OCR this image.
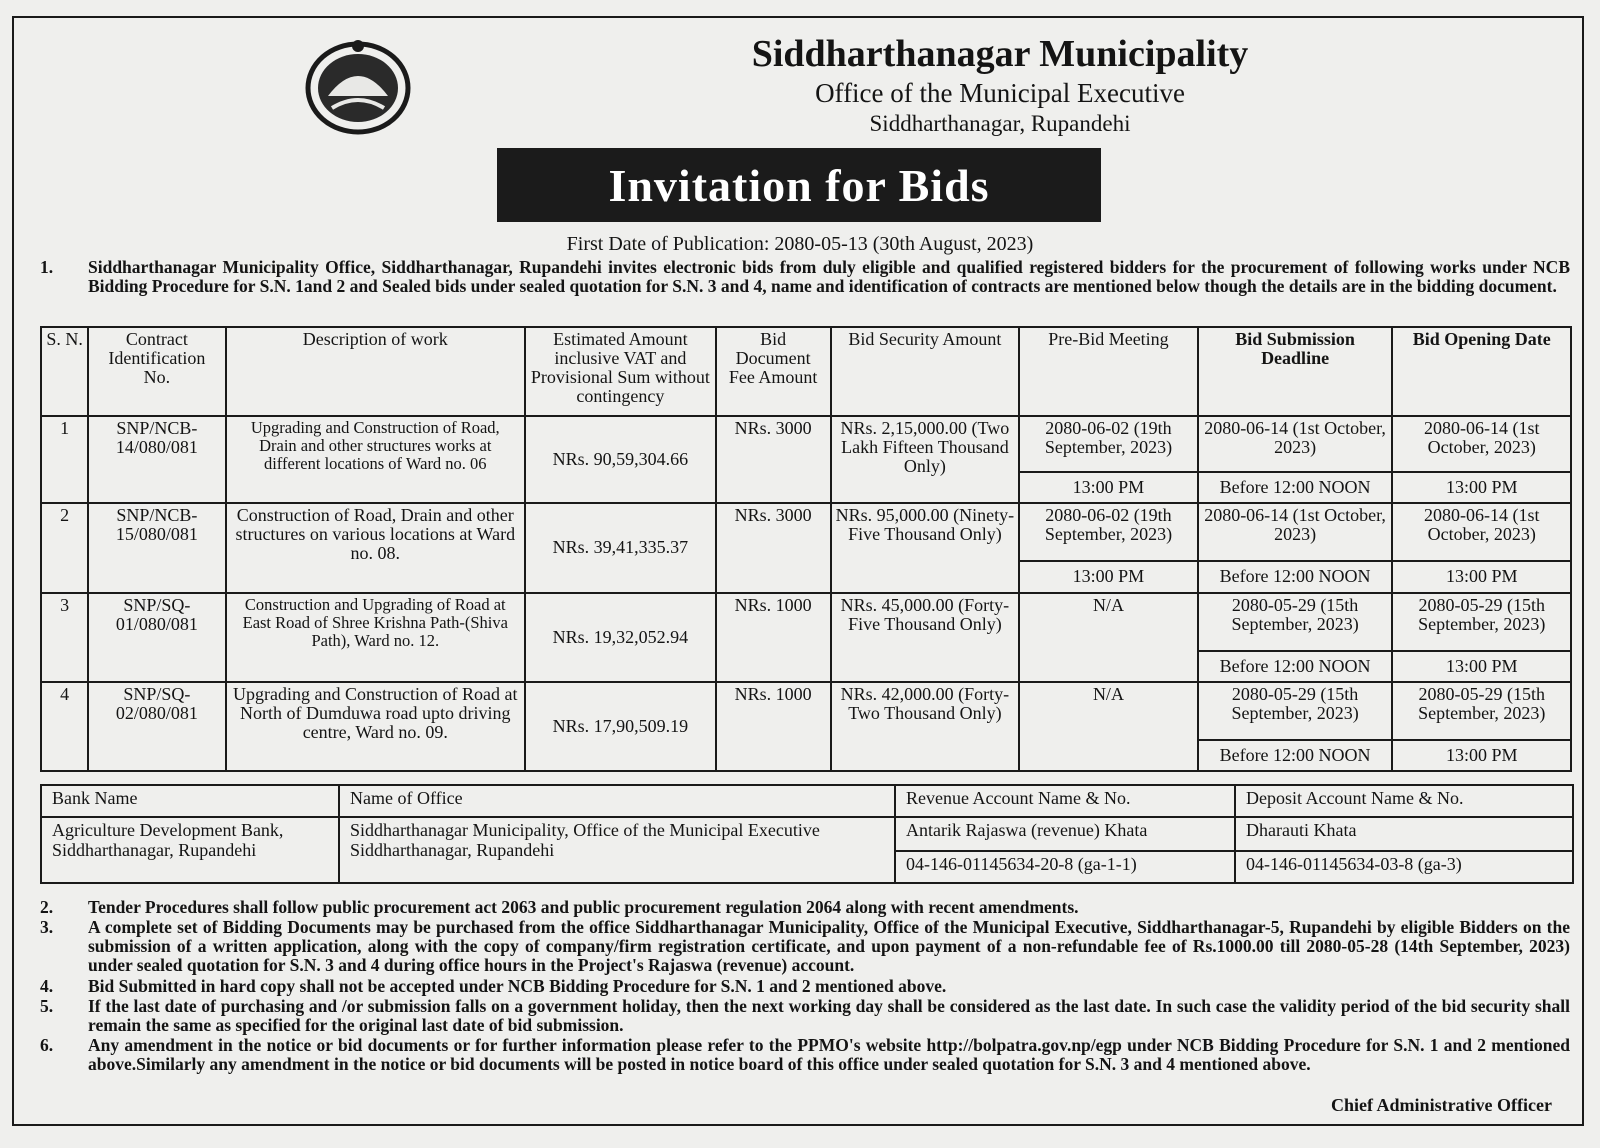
Siddharthanagar Municipality
Office of the Municipal Executive
Siddharthanagar, Rupandehi
Invitation for Bids
First Date of Publication: 2080-05-13 (30th August, 2023)
1.	Siddharthanagar Municipality Office, Siddharthanagar, Rupandehi invites electronic bids from duly eligible and qualified registered bidders for the procurement of following works under NCB Bidding Procedure for S.N. 1and 2 and Sealed bids under sealed quotation for S.N. 3 and 4, name and identification of contracts are mentioned below though the details are in the bidding document.
S. N.	Contract Identification No.	Description of work	Estimated Amount inclusive VAT and Provisional Sum without contingency	Bid Document Fee Amount	Bid Security Amount	Pre-Bid Meeting	Bid Submission Deadline	Bid Opening Date
1	SNP/NCB-14/080/081	Upgrading and Construction of Road, Drain and other structures works at different locations of Ward no. 06	NRs. 90,59,304.66	NRs. 3000	NRs. 2,15,000.00 (Two Lakh Fifteen Thousand Only)	2080-06-02 (19th September, 2023)	2080-06-14 (1st October, 2023)	2080-06-14 (1st October, 2023)
						13:00 PM	Before 12:00 NOON	13:00 PM
2	SNP/NCB-15/080/081	Construction of Road, Drain and other structures on various locations at Ward no. 08.	NRs. 39,41,335.37	NRs. 3000	NRs. 95,000.00 (Ninety-Five Thousand Only)	2080-06-02 (19th September, 2023)	2080-06-14 (1st October, 2023)	2080-06-14 (1st October, 2023)
						13:00 PM	Before 12:00 NOON	13:00 PM
3	SNP/SQ-01/080/081	Construction and Upgrading of Road at East Road of Shree Krishna Path-(Shiva Path), Ward no. 12.	NRs. 19,32,052.94	NRs. 1000	NRs. 45,000.00 (Forty-Five Thousand Only)	N/A	2080-05-29 (15th September, 2023)	2080-05-29 (15th September, 2023)
							Before 12:00 NOON	13:00 PM
4	SNP/SQ-02/080/081	Upgrading and Construction of Road at North of Dumduwa road upto driving centre, Ward no. 09.	NRs. 17,90,509.19	NRs. 1000	NRs. 42,000.00 (Forty-Two Thousand Only)	N/A	2080-05-29 (15th September, 2023)	2080-05-29 (15th September, 2023)
							Before 12:00 NOON	13:00 PM
Bank Name	Name of Office	Revenue Account Name & No.	Deposit Account Name & No.
Agriculture Development Bank, Siddharthanagar, Rupandehi	Siddharthanagar Municipality, Office of the Municipal Executive Siddharthanagar, Rupandehi	Antarik Rajaswa (revenue) Khata	Dharauti Khata
		04-146-01145634-20-8 (ga-1-1)	04-146-01145634-03-8 (ga-3)
2.	Tender Procedures shall follow public procurement act 2063 and public procurement regulation 2064 along with recent amendments.
3.	A complete set of Bidding Documents may be purchased from the office Siddharthanagar Municipality, Office of the Municipal Executive, Siddharthanagar-5, Rupandehi by eligible Bidders on the submission of a written application, along with the copy of company/firm registration certificate, and upon payment of a non-refundable fee of Rs.1000.00 till 2080-05-28 (14th September, 2023) under sealed quotation for S.N. 3 and 4 during office hours in the Project's Rajaswa (revenue) account.
4.	Bid Submitted in hard copy shall not be accepted under NCB Bidding Procedure for S.N. 1 and 2 mentioned above.
5.	If the last date of purchasing and /or submission falls on a government holiday, then the next working day shall be considered as the last date. In such case the validity period of the bid security shall remain the same as specified for the original last date of bid submission.
6.	Any amendment in the notice or bid documents or for further information please refer to the PPMO's website http://bolpatra.gov.np/egp under NCB Bidding Procedure for S.N. 1 and 2 mentioned above.Similarly any amendment in the notice or bid documents will be posted in notice board of this office under sealed quotation for S.N. 3 and 4 mentioned above.
Chief Administrative Officer
